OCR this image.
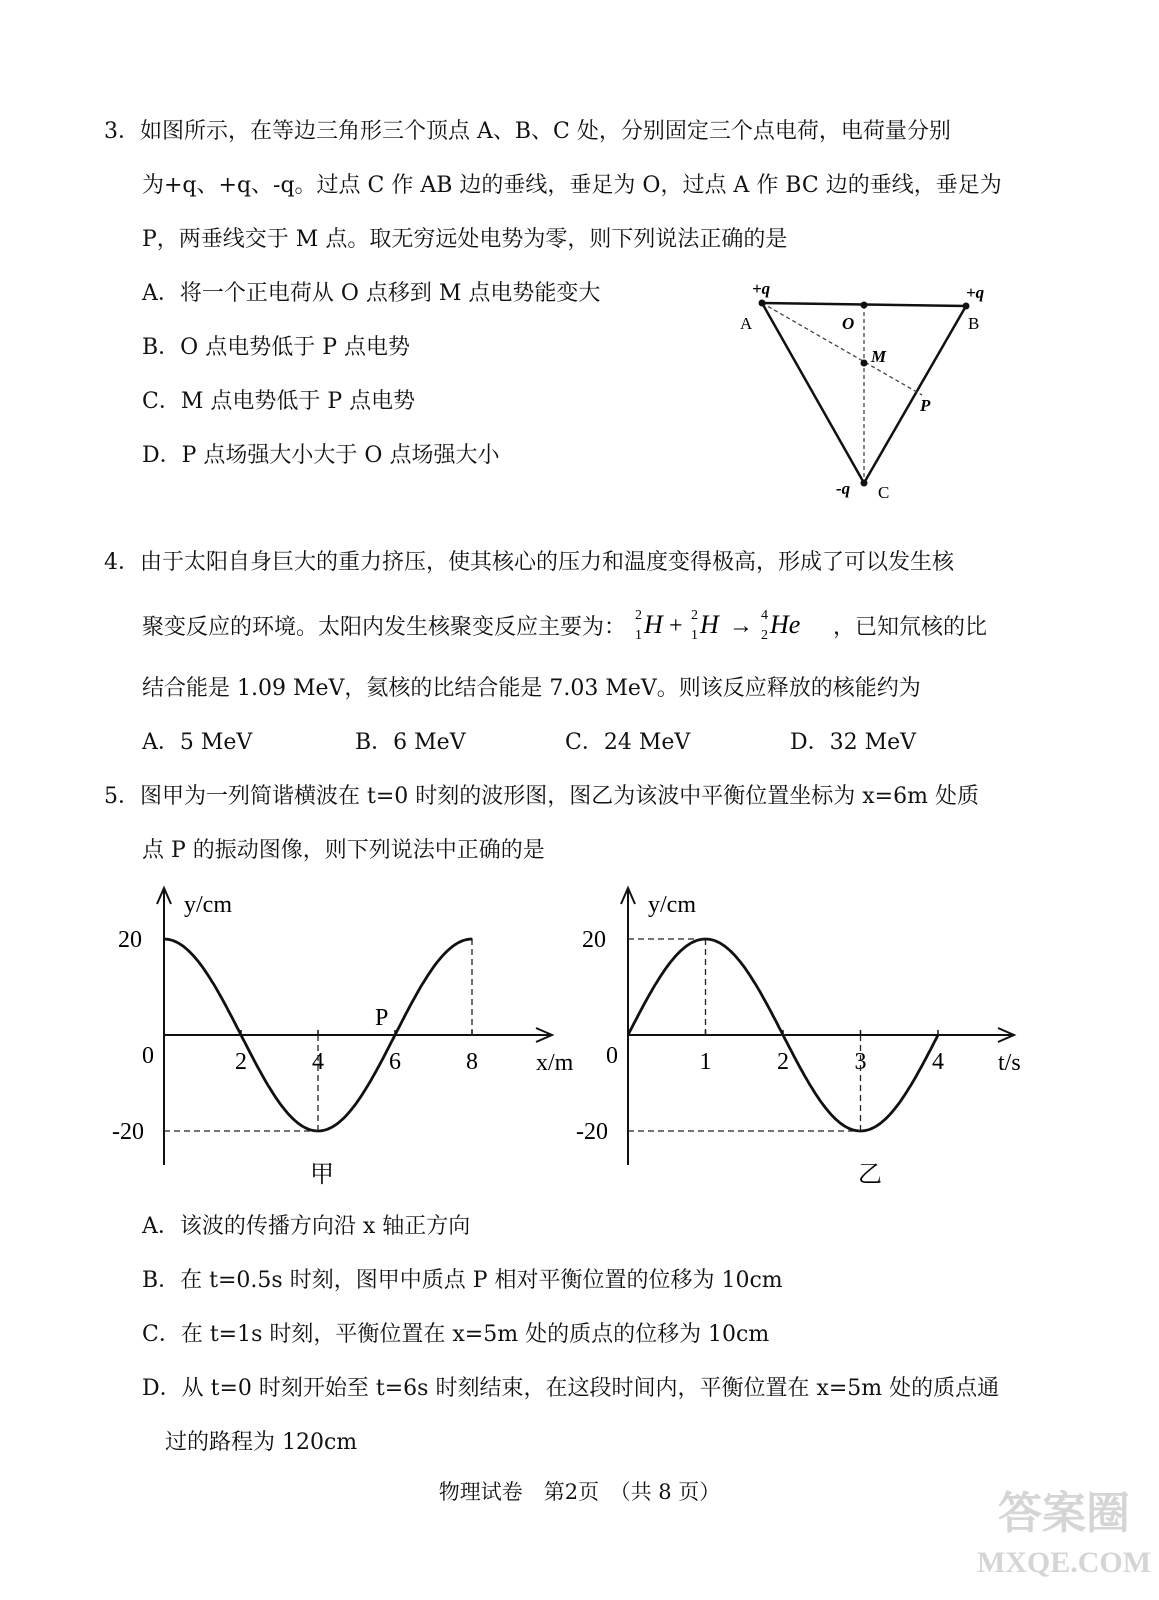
3．如图所示，在等边三角形三个顶点 A、B、C 处，分别固定三个点电荷，电荷量分别
为+q、+q、-q。过点 C 作 AB 边的垂线，垂足为 O，过点 A 作 BC 边的垂线，垂足为
P，两垂线交于 M 点。取无穷远处电势为零，则下列说法正确的是
A．将一个正电荷从 O 点移到 M 点电势能变大
B．O 点电势低于 P 点电势
C．M 点电势低于 P 点电势
D．P 点场强大小大于 O 点场强大小
+q	+q
-q
A	B
C
O
M
P
4．由于太阳自身巨大的重力挤压，使其核心的压力和温度变得极高，形成了可以发生核
聚变反应的环境。太阳内发生核聚变反应主要为： 2
1 H + 2
1 H → 4
2 He ，已知氘核的比
结合能是 1.09 MeV，氦核的比结合能是 7.03 MeV。则该反应释放的核能约为
A．5 MeV	B．6 MeV	C．24 MeV	D．32 MeV
5．图甲为一列简谐横波在 t=0 时刻的波形图，图乙为该波中平衡位置坐标为 x=6m 处质
点 P 的振动图像，则下列说法中正确的是
y/cm
x/m
0
20
-20
2	4	6	8
P
甲
y/cm
t/s
0
20
-20
1	2	3	4
乙
A．该波的传播方向沿 x 轴正方向
B．在 t=0.5s 时刻，图甲中质点 P 相对平衡位置的位移为 10cm
C．在 t=1s 时刻，平衡位置在 x=5m 处的质点的位移为 10cm
D．从 t=0 时刻开始至 t=6s 时刻结束，在这段时间内，平衡位置在 x=5m 处的质点通
过的路程为 120cm
物理试卷　第2页　（共 8 页）	答案圈
MXQE.COM
